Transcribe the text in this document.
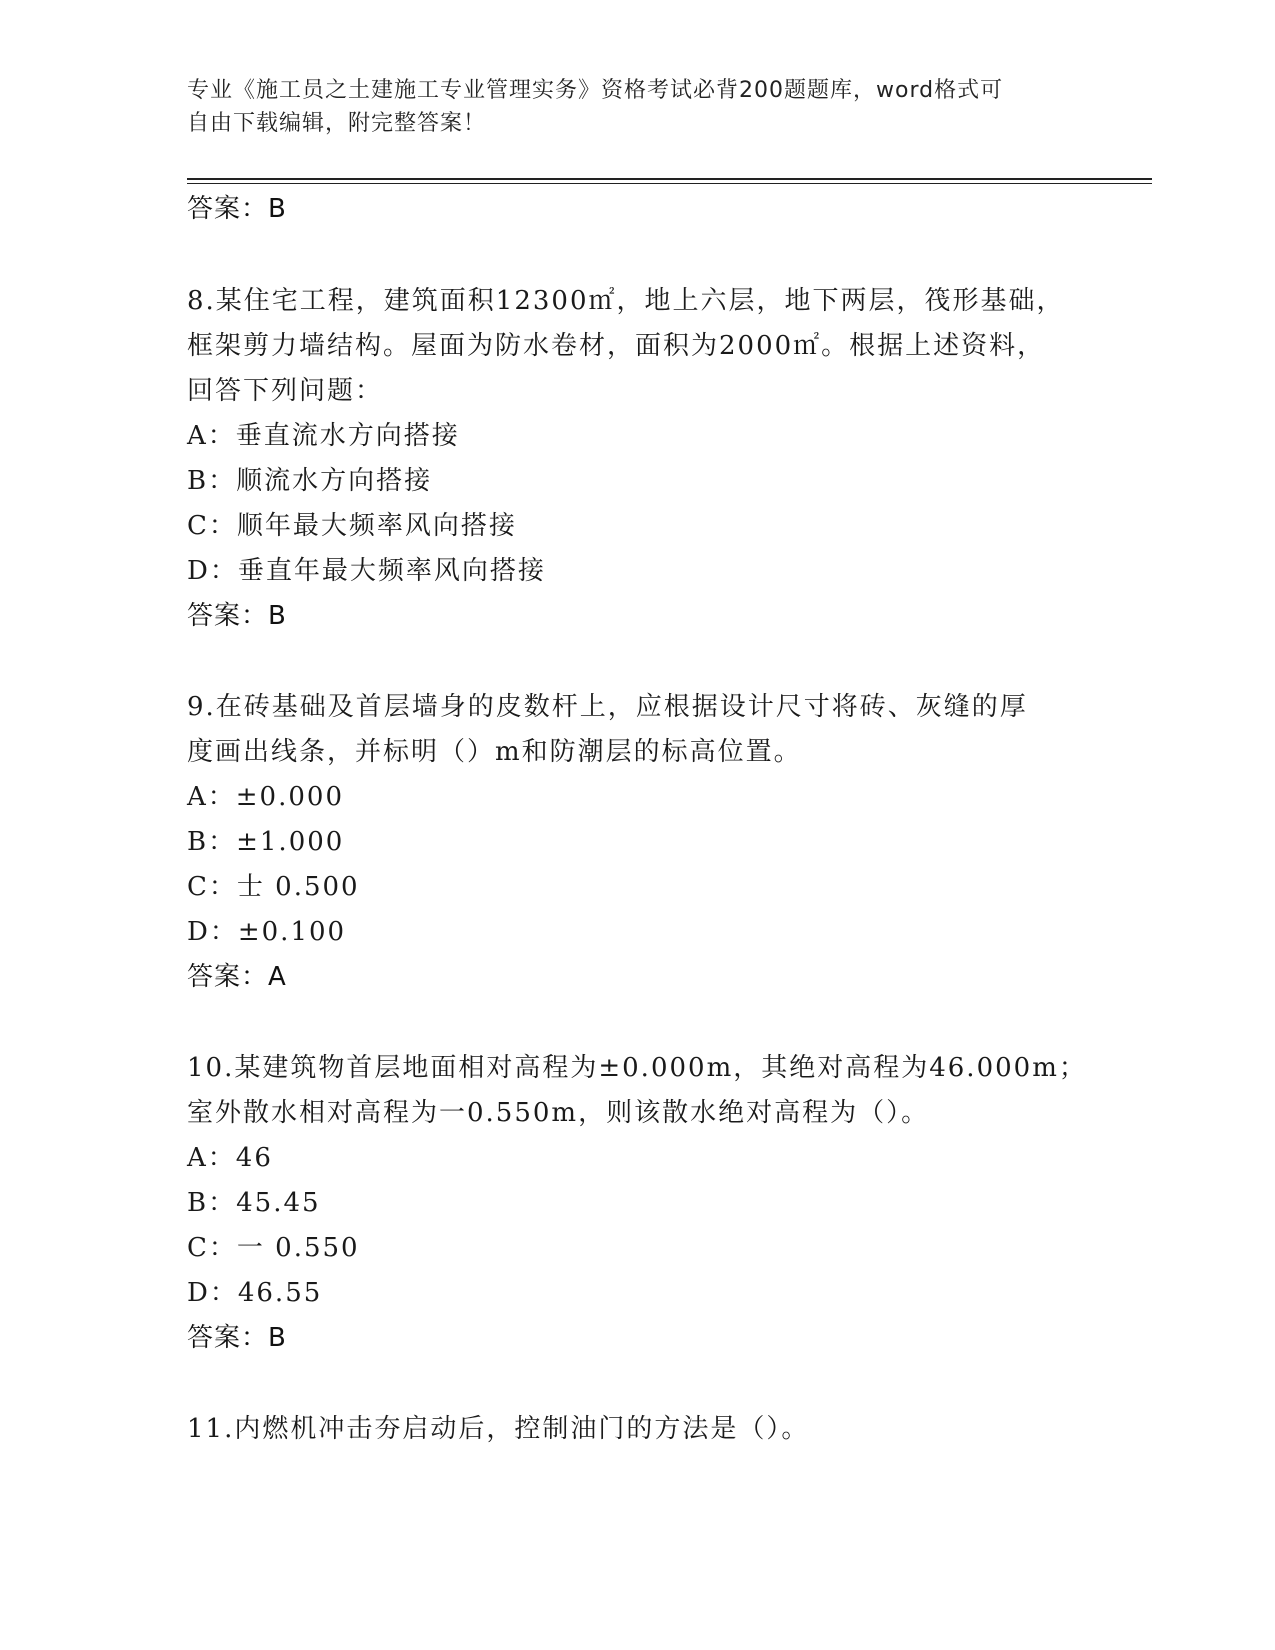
专业《施工员之土建施工专业管理实务》资格考试必背200题题库，word格式可
自由下载编辑，附完整答案！
答案：B
8.某住宅工程，建筑面积12300㎡，地上六层，地下两层，筏形基础，
框架剪力墙结构。屋面为防水卷材，面积为2000㎡。根据上述资料，
回答下列问题：
A：垂直流水方向搭接
B：顺流水方向搭接
C：顺年最大频率风向搭接
D：垂直年最大频率风向搭接
答案：B
9.在砖基础及首层墙身的皮数杆上，应根据设计尺寸将砖、灰缝的厚
度画出线条，并标明（）m和防潮层的标高位置。
A：±0.000
B：±1.000
C：士 0.500
D：±0.100
答案：A
10.某建筑物首层地面相对高程为±0.000m，其绝对高程为46.000m；
室外散水相对高程为一0.550m，则该散水绝对高程为（）。
A：46
B：45.45
C：一 0.550
D：46.55
答案：B
11.内燃机冲击夯启动后，控制油门的方法是（）。
